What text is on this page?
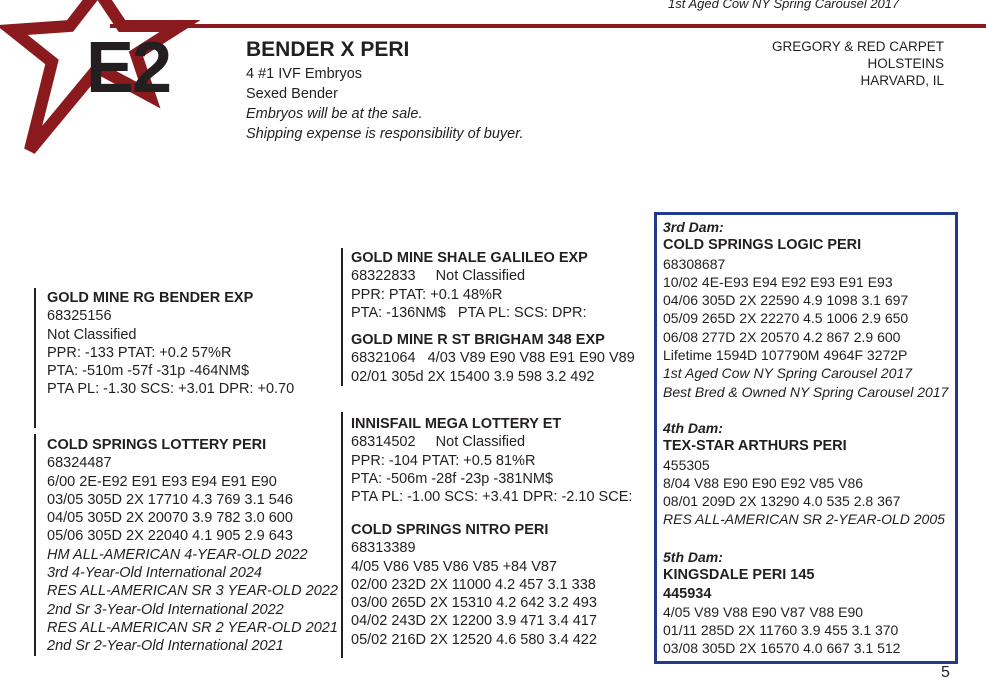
1st Aged Cow NY Spring Carousel 2017
E2	BENDER X PERI
4 #1 IVF Embryos
Sexed Bender
Embryos will be at the sale.
Shipping expense is responsibility of buyer.
GREGORY & RED CARPET
HOLSTEINS
HARVARD, IL
GOLD MINE RG BENDER EXP
68325156
Not Classified
PPR: -133 PTAT: +0.2 57%R
PTA: -510m -57f -31p -464NM$
PTA PL: -1.30 SCS: +3.01 DPR: +0.70
COLD SPRINGS LOTTERY PERI
68324487
6/00 2E-E92 E91 E93 E94 E91 E90
03/05 305D 2X 17710 4.3 769 3.1 546
04/05 305D 2X 20070 3.9 782 3.0 600
05/06 305D 2X 22040 4.1 905 2.9 643
HM ALL-AMERICAN 4-YEAR-OLD 2022
3rd 4-Year-Old International 2024
RES ALL-AMERICAN SR 3 YEAR-OLD 2022
2nd Sr 3-Year-Old International 2022
RES ALL-AMERICAN SR 2 YEAR-OLD 2021
2nd Sr 2-Year-Old International 2021
GOLD MINE SHALE GALILEO EXP
68322833     Not Classified
PPR: PTAT: +0.1 48%R
PTA: -136NM$   PTA PL: SCS: DPR:
GOLD MINE R ST BRIGHAM 348 EXP
68321064   4/03 V89 E90 V88 E91 E90 V89
02/01 305d 2X 15400 3.9 598 3.2 492
INNISFAIL MEGA LOTTERY ET
68314502     Not Classified
PPR: -104 PTAT: +0.5 81%R
PTA: -506m -28f -23p -381NM$
PTA PL: -1.00 SCS: +3.41 DPR: -2.10 SCE:
COLD SPRINGS NITRO PERI
68313389
4/05 V86 V85 V86 V85 +84 V87
02/00 232D 2X 11000 4.2 457 3.1 338
03/00 265D 2X 15310 4.2 642 3.2 493
04/02 243D 2X 12200 3.9 471 3.4 417
05/02 216D 2X 12520 4.6 580 3.4 422
3rd Dam:
COLD SPRINGS LOGIC PERI
68308687
10/02 4E-E93 E94 E92 E93 E91 E93
04/06 305D 2X 22590 4.9 1098 3.1 697
05/09 265D 2X 22270 4.5 1006 2.9 650
06/08 277D 2X 20570 4.2 867 2.9 600
Lifetime 1594D 107790M 4964F 3272P
1st Aged Cow NY Spring Carousel 2017
Best Bred & Owned NY Spring Carousel 2017
4th Dam:
TEX-STAR ARTHURS PERI
455305
8/04 V88 E90 E90 E92 V85 V86
08/01 209D 2X 13290 4.0 535 2.8 367
RES ALL-AMERICAN SR 2-YEAR-OLD 2005
5th Dam:
KINGSDALE PERI 145
445934
4/05 V89 V88 E90 V87 V88 E90
01/11 285D 2X 11760 3.9 455 3.1 370
03/08 305D 2X 16570 4.0 667 3.1 512
5
